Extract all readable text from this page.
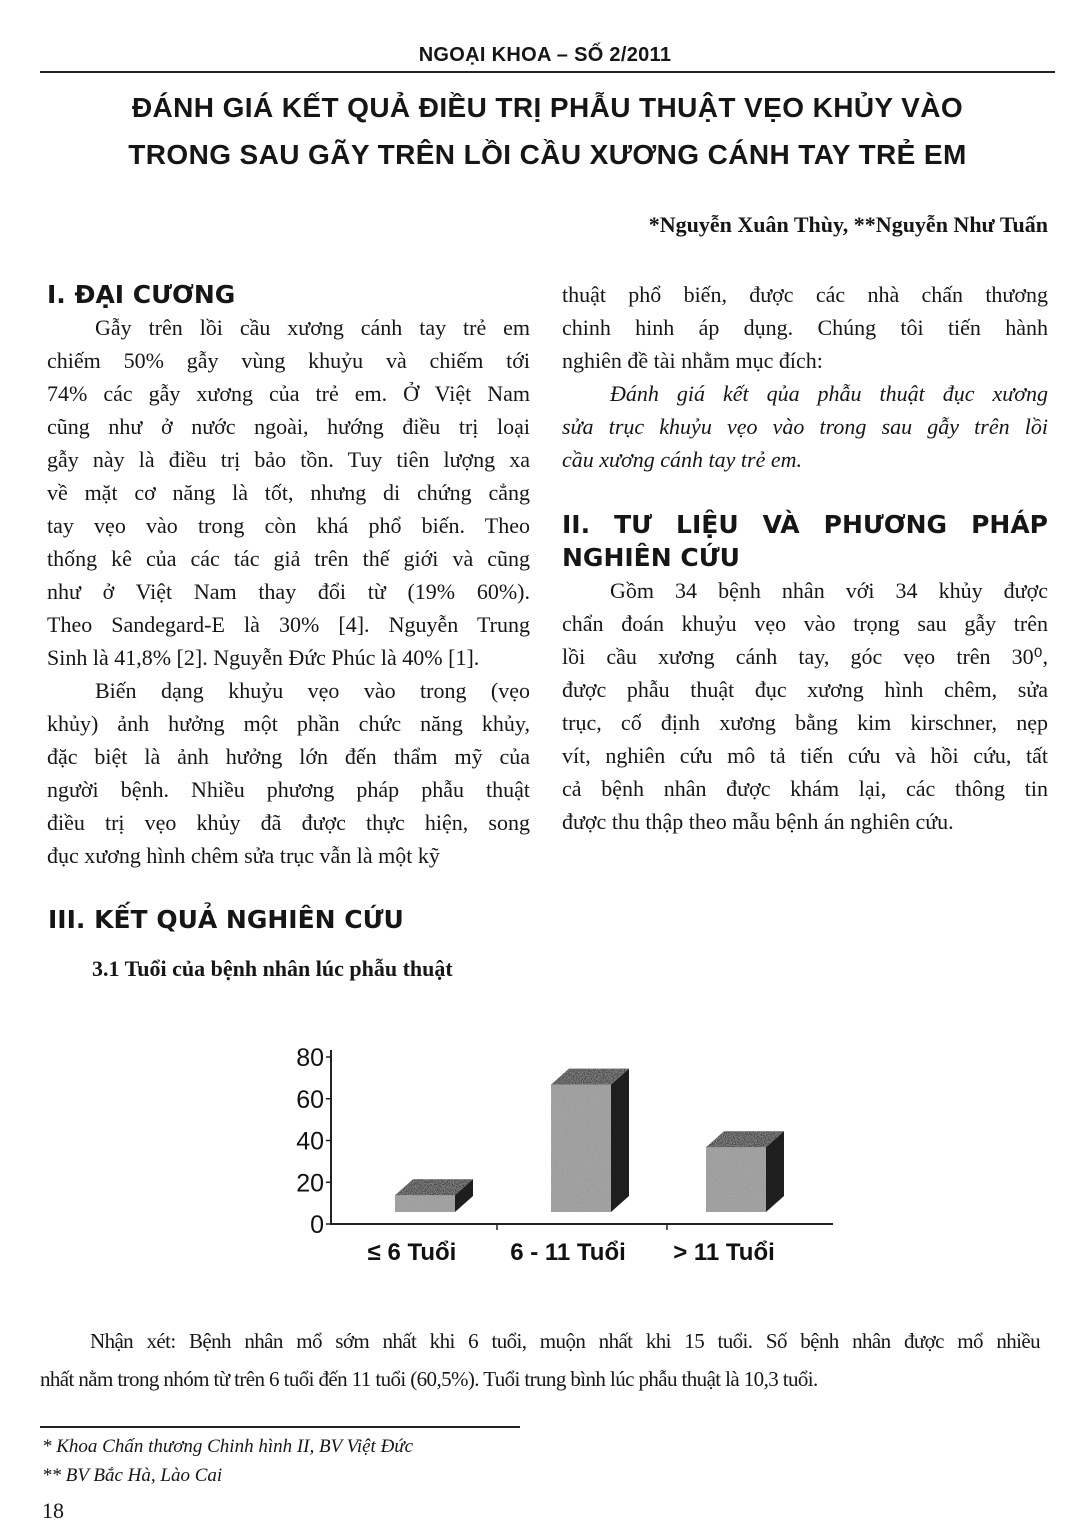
NGOẠI KHOA – SỐ 2/2011
ĐÁNH GIÁ KẾT QUẢ ĐIỀU TRỊ PHẪU THUẬT VẸO KHỦY VÀO
TRONG SAU GÃY TRÊN LỒI CẦU XƯƠNG CÁNH TAY TRẺ EM
*Nguyễn Xuân Thùy, **Nguyễn Như Tuấn
I. ĐẠI CƯƠNG
Gẫy trên lồi cầu xương cánh tay trẻ em
chiếm 50% gẫy vùng khuỷu và chiếm tới
74% các gẫy xương của trẻ em. Ở Việt Nam
cũng như ở nước ngoài, hướng điều trị loại
gẫy này là điều trị bảo tồn. Tuy tiên lượng xa
về mặt cơ năng là tốt, nhưng di chứng cẳng
tay vẹo vào trong còn khá phổ biến. Theo
thống kê của các tác giả trên thế giới và cũng
như ở Việt Nam thay đổi từ (19% 60%).
Theo Sandegard-E là 30% [4]. Nguyễn Trung
Sinh là 41,8% [2]. Nguyễn Đức Phúc là 40% [1].
Biến dạng khuỷu vẹo vào trong (vẹo
khủy) ảnh hưởng một phần chức năng khủy,
đặc biệt là ảnh hưởng lớn đến thẩm mỹ của
người bệnh. Nhiều phương pháp phẫu thuật
điều trị vẹo khủy đã được thực hiện, song
đục xương hình chêm sửa trục vẫn là một kỹ
thuật phổ biến, được các nhà chấn thương
chinh hinh áp dụng. Chúng tôi tiến hành
nghiên đề tài nhằm mục đích:
Đánh giá kết qủa phẫu thuật đục xương
sửa trục khuỷu vẹo vào trong sau gẫy trên lồi
cầu xương cánh tay trẻ em.
II. TƯ LIỆU VÀ PHƯƠNG PHÁP
NGHIÊN CỨU
Gồm 34 bệnh nhân với 34 khủy được
chẩn đoán khuỷu vẹo vào trọng sau gẫy trên
lồi cầu xương cánh tay, góc vẹo trên 30⁰,
được phẫu thuật đục xương hình chêm, sửa
trục, cố định xương bằng kim kirschner, nẹp
vít, nghiên cứu mô tả tiến cứu và hồi cứu, tất
cả bệnh nhân được khám lại, các thông tin
được thu thập theo mẫu bệnh án nghiên cứu.
III. KẾT QUẢ NGHIÊN CỨU
3.1 Tuổi của bệnh nhân lúc phẫu thuật
0
20
40
60
80
≤ 6 Tuổi 6 - 11 Tuổi > 11 Tuổi
Nhận xét: Bệnh nhân mổ sớm nhất khi 6 tuổi, muộn nhất khi 15 tuổi. Số bệnh nhân được mổ nhiều
nhất nằm trong nhóm từ trên 6 tuổi đến 11 tuổi (60,5%). Tuổi trung bình lúc phẫu thuật là 10,3 tuổi.
* Khoa Chấn thương Chinh hình II, BV Việt Đức
** BV Bắc Hà, Lào Cai
18
